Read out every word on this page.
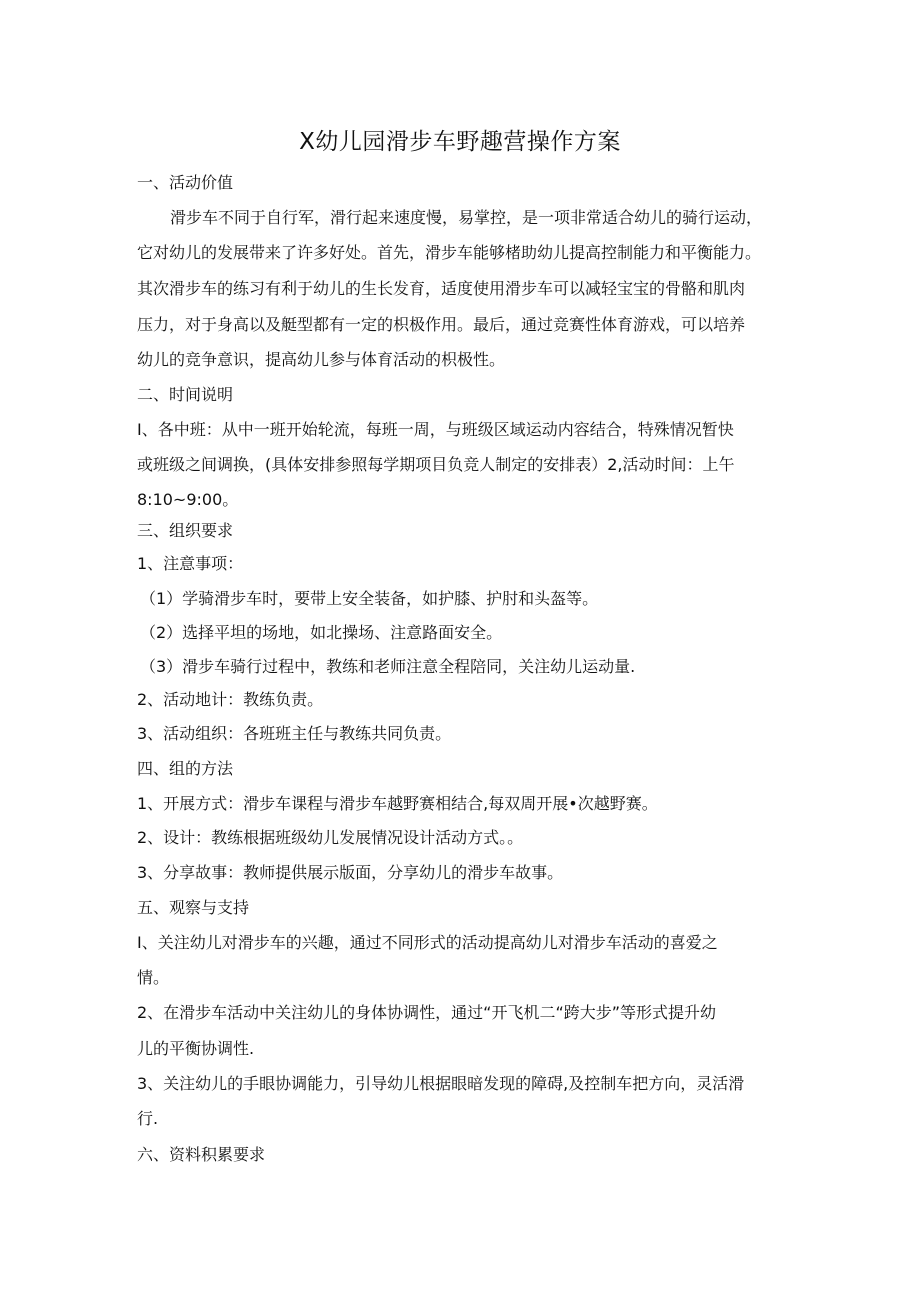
X幼儿园滑步车野趣营操作方案
一、活动价值
滑步车不同于自行军，滑行起来速度慢，易掌控，是一项非常适合幼儿的骑行运动，
它对幼儿的发展带来了许多好处。首先，滑步车能够楮助幼儿提高控制能力和平衡能力。
其次滑步车的练习有利于幼儿的生长发育，适度使用滑步车可以减轻宝宝的骨骼和肌肉
压力，对于身高以及艇型都有一定的枳极作用。最后，通过竞赛性体育游戏，可以培养
幼儿的竞争意识，提高幼儿参与体育活动的枳极性。
二、时间说明
I、各中班：从中一班开始轮流，每班一周，与班级区域运动内容结合，特殊情况暂快
或班级之间调换，(具体安排参照每学期项目负竞人制定的安排表）2,活动时间：上午
8:10~9:00。
三、组织要求
1、注意事项：
（1）学骑滑步车时，要带上安全装备，如护膝、护肘和头盔等。
（2）选择平坦的场地，如北操场、注意路面安全。
（3）滑步车骑行过程中，教练和老师注意全程陪同，关注幼儿运动量.
2、活动地计：教练负责。
3、活动组织：各班班主任与教练共同负责。
四、组的方法
1、开展方式：滑步车课程与滑步车越野赛相结合,每双周开展•次越野赛。
2、设计：教练根据班级幼儿发展情况设计活动方式。。
3、分享故事：教师提供展示版面，分享幼儿的滑步车故事。
五、观察与支持
I、关注幼儿对滑步车的兴趣，通过不同形式的活动提高幼儿对滑步车活动的喜爱之
情。
2、在滑步车活动中关注幼儿的身体协调性，通过“开飞机二“跨大步”等形式提升幼
儿的平衡协调性.
3、关注幼儿的手眼协调能力，引导幼儿根据眼暗发现的障碍,及控制车把方向，灵活滑
行.
六、资料积累要求
